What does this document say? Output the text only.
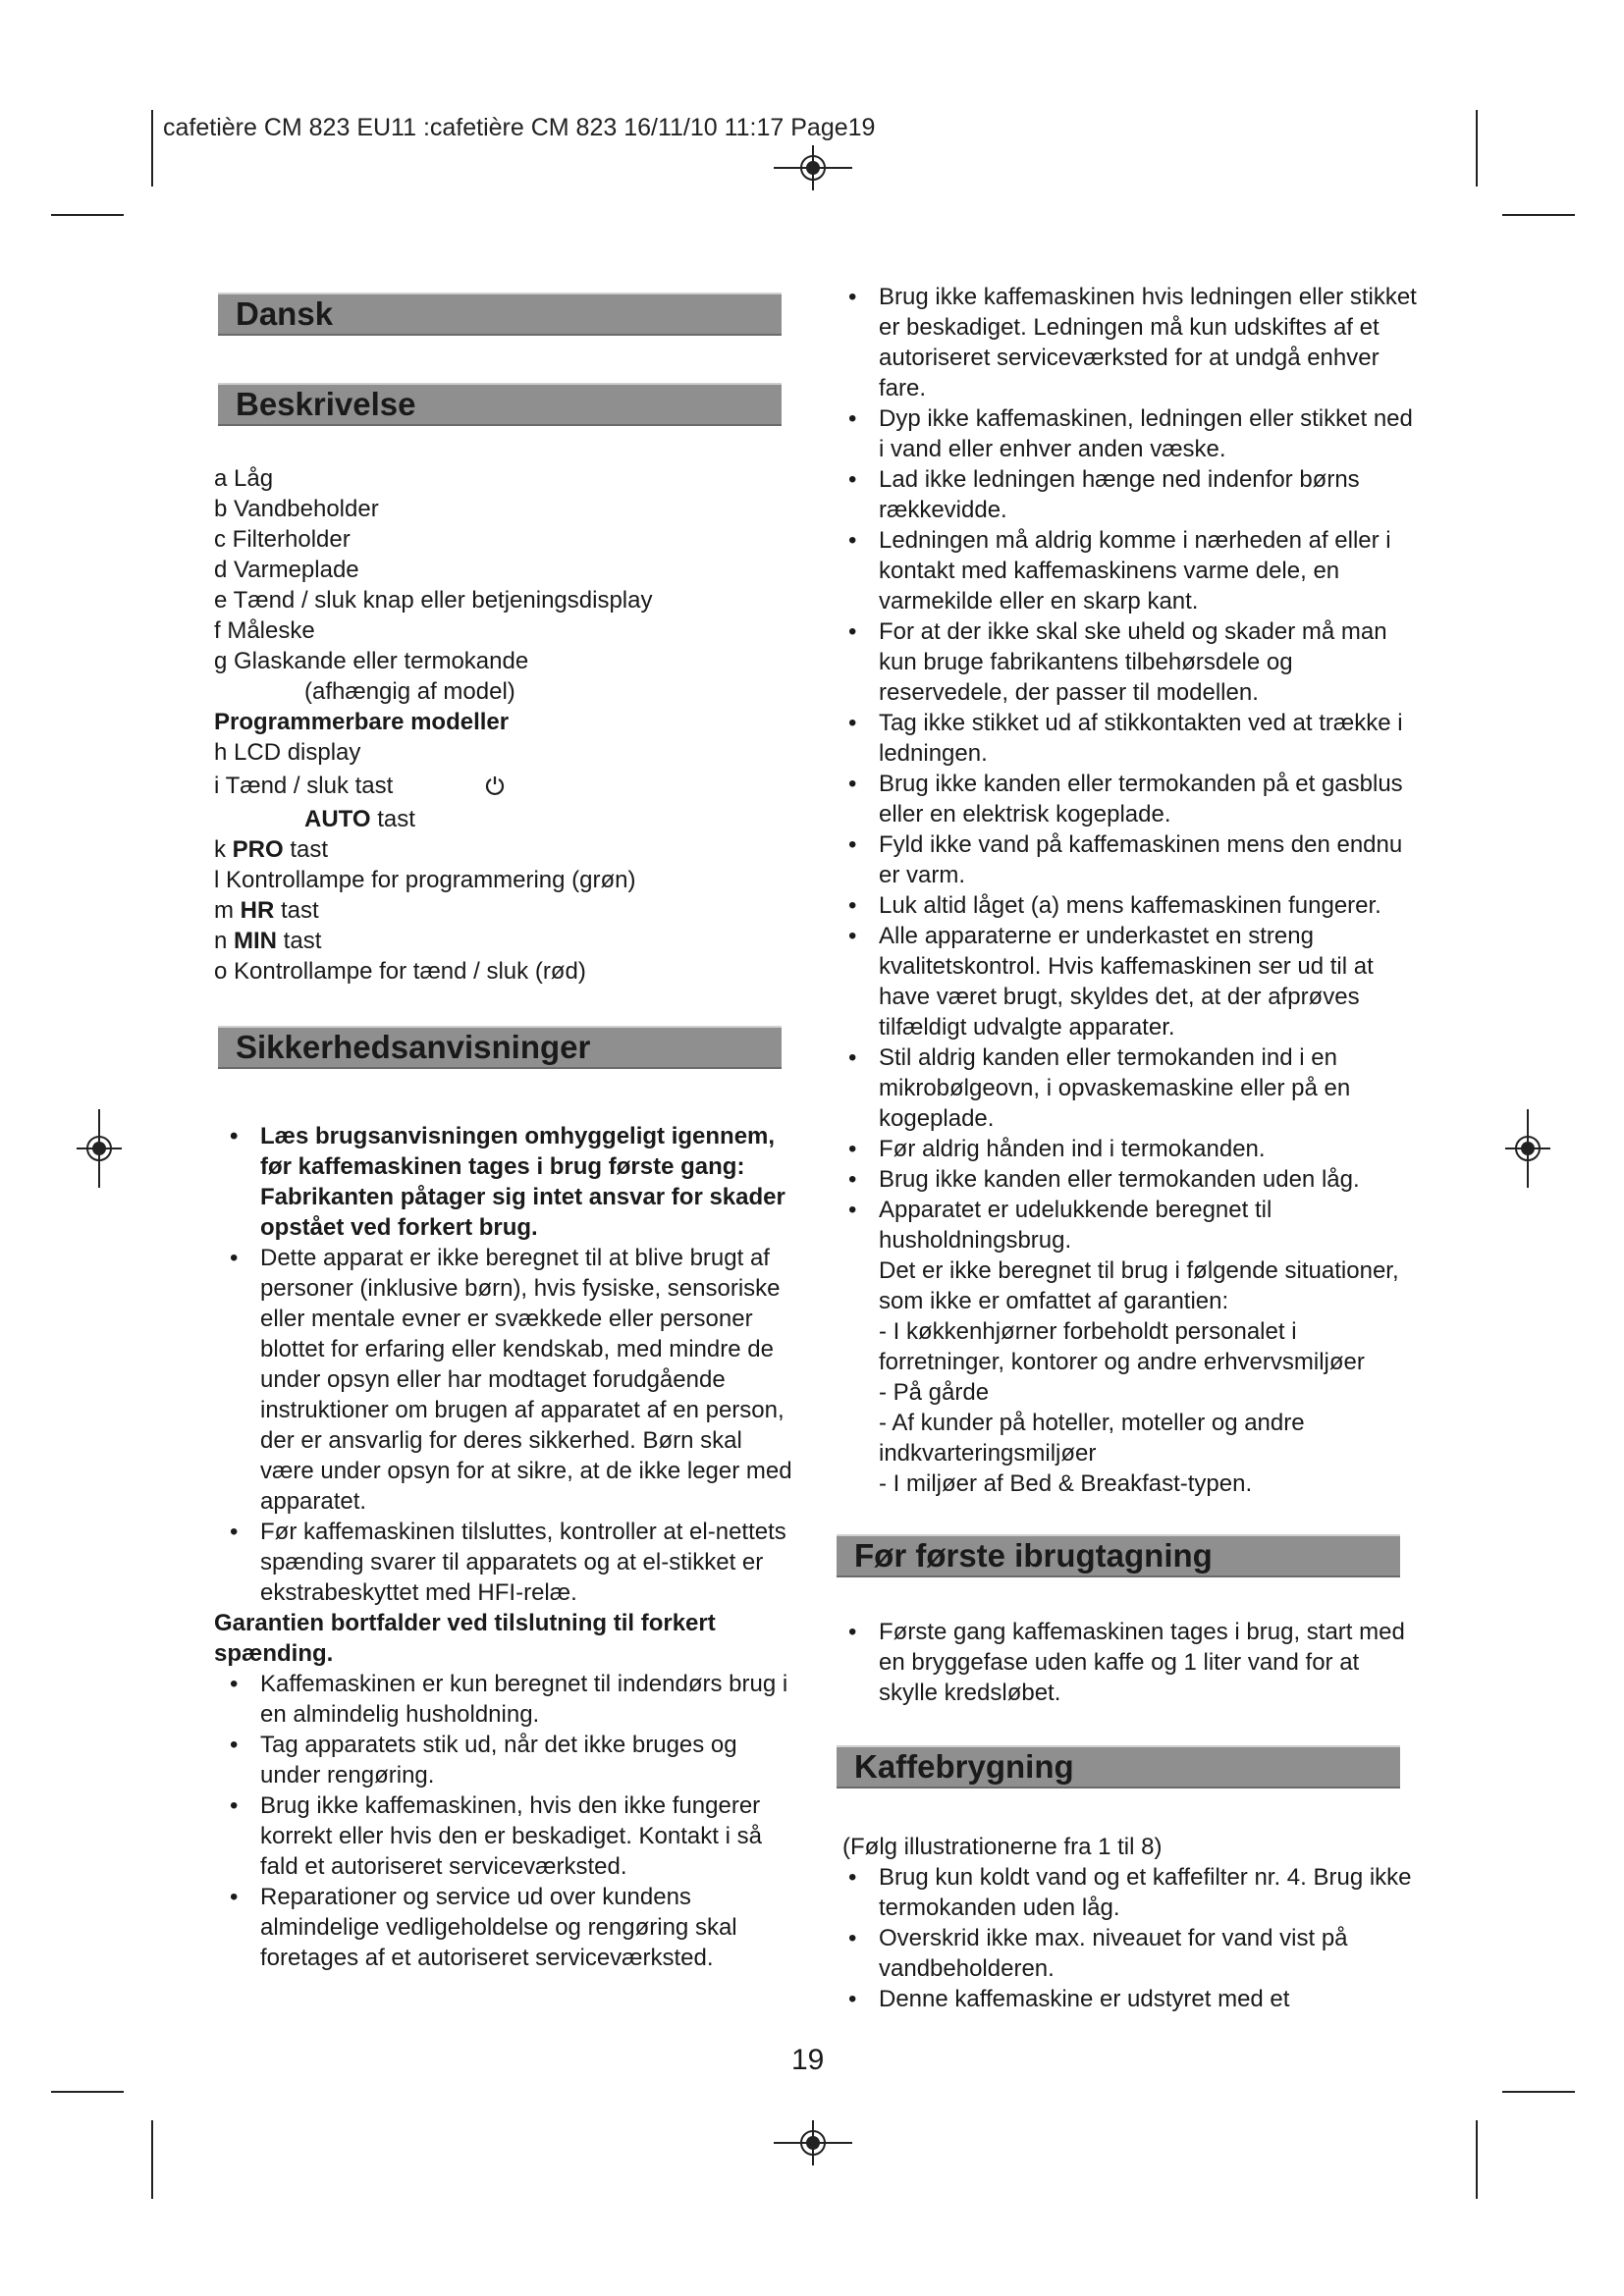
cafetière CM 823 EU11 :cafetière CM 823 16/11/10 11:17 Page19
Dansk
Beskrivelse
a Låg
b Vandbeholder
c Filterholder
d Varmeplade
e Tænd / sluk knap eller betjeningsdisplay
f Måleske
g Glaskande eller termokande
(afhængig af model)
Programmerbare modeller
h LCD display
i Tænd / sluk tast
AUTO tast
k PRO tast
l Kontrollampe for programmering (grøn)
m HR tast
n MIN tast
o Kontrollampe for tænd / sluk (rød)
Sikkerhedsanvisninger
• Læs brugsanvisningen omhyggeligt igennem, før kaffemaskinen tages i brug første gang: Fabrikanten påtager sig intet ansvar for skader opstået ved forkert brug.
• Dette apparat er ikke beregnet til at blive brugt af personer (inklusive børn), hvis fysiske, sensoriske eller mentale evner er svækkede eller personer blottet for erfaring eller kendskab, med mindre de under opsyn eller har modtaget forudgående instruktioner om brugen af apparatet af en person, der er ansvarlig for deres sikkerhed. Børn skal være under opsyn for at sikre, at de ikke leger med apparatet.
• Før kaffemaskinen tilsluttes, kontroller at el-nettets spænding svarer til apparatets og at el-stikket er ekstrabeskyttet med HFI-relæ.
Garantien bortfalder ved tilslutning til forkert spænding.
• Kaffemaskinen er kun beregnet til indendørs brug i en almindelig husholdning.
• Tag apparatets stik ud, når det ikke bruges og under rengøring.
• Brug ikke kaffemaskinen, hvis den ikke fungerer korrekt eller hvis den er beskadiget. Kontakt i så fald et autoriseret serviceværksted.
• Reparationer og service ud over kundens almindelige vedligeholdelse og rengøring skal foretages af et autoriseret serviceværksted.
• Brug ikke kaffemaskinen hvis ledningen eller stikket er beskadiget. Ledningen må kun udskiftes af et autoriseret serviceværksted for at undgå enhver fare.
• Dyp ikke kaffemaskinen, ledningen eller stikket ned i vand eller enhver anden væske.
• Lad ikke ledningen hænge ned indenfor børns rækkevidde.
• Ledningen må aldrig komme i nærheden af eller i kontakt med kaffemaskinens varme dele, en varmekilde eller en skarp kant.
• For at der ikke skal ske uheld og skader må man kun bruge fabrikantens tilbehørsdele og reservedele, der passer til modellen.
• Tag ikke stikket ud af stikkontakten ved at trække i ledningen.
• Brug ikke kanden eller termokanden på et gasblus eller en elektrisk kogeplade.
• Fyld ikke vand på kaffemaskinen mens den endnu er varm.
• Luk altid låget (a) mens kaffemaskinen fungerer.
• Alle apparaterne er underkastet en streng kvalitetskontrol. Hvis kaffemaskinen ser ud til at have været brugt, skyldes det, at der afprøves tilfældigt udvalgte apparater.
• Stil aldrig kanden eller termokanden ind i en mikrobølgeovn, i opvaskemaskine eller på en kogeplade.
• Før aldrig hånden ind i termokanden.
• Brug ikke kanden eller termokanden uden låg.
• Apparatet er udelukkende beregnet til husholdningsbrug.
Det er ikke beregnet til brug i følgende situationer, som ikke er omfattet af garantien:
- I køkkenhjørner forbeholdt personalet i forretninger, kontorer og andre erhvervsmiljøer
- På gårde
- Af kunder på hoteller, moteller og andre indkvarteringsmiljøer
- I miljøer af Bed & Breakfast-typen.
Før første ibrugtagning
• Første gang kaffemaskinen tages i brug, start med en bryggefase uden kaffe og 1 liter vand for at skylle kredsløbet.
Kaffebrygning
(Følg illustrationerne fra 1 til 8)
• Brug kun koldt vand og et kaffefilter nr. 4. Brug ikke termokanden uden låg.
• Overskrid ikke max. niveauet for vand vist på vandbeholderen.
• Denne kaffemaskine er udstyret med et
19
